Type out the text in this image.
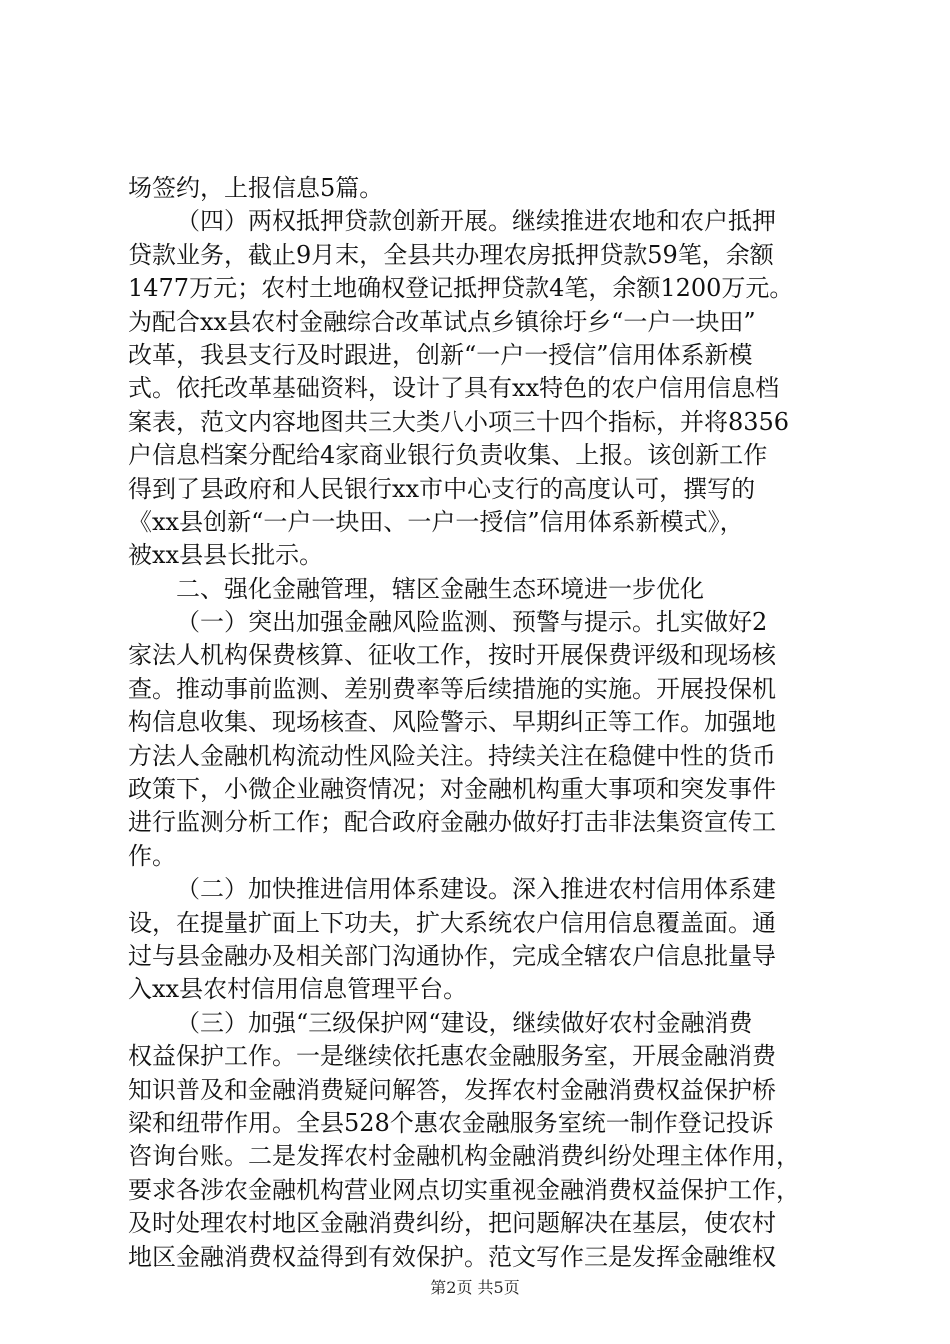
场签约，上报信息5篇。
（四）两权抵押贷款创新开展。继续推进农地和农户抵押
贷款业务，截止9月末，全县共办理农房抵押贷款59笔，余额
1477万元；农村土地确权登记抵押贷款4笔，余额1200万元。
为配合xx县农村金融综合改革试点乡镇徐圩乡“一户一块田”
改革，我县支行及时跟进，创新“一户一授信”信用体系新模
式。依托改革基础资料，设计了具有xx特色的农户信用信息档
案表，范文内容地图共三大类八小项三十四个指标，并将8356
户信息档案分配给4家商业银行负责收集、上报。该创新工作
得到了县政府和人民银行xx市中心支行的高度认可，撰写的
《xx县创新“一户一块田、一户一授信”信用体系新模式》，
被xx县县长批示。
二、强化金融管理，辖区金融生态环境进一步优化
（一）突出加强金融风险监测、预警与提示。扎实做好2
家法人机构保费核算、征收工作，按时开展保费评级和现场核
查。推动事前监测、差别费率等后续措施的实施。开展投保机
构信息收集、现场核查、风险警示、早期纠正等工作。加强地
方法人金融机构流动性风险关注。持续关注在稳健中性的货币
政策下，小微企业融资情况；对金融机构重大事项和突发事件
进行监测分析工作；配合政府金融办做好打击非法集资宣传工
作。
（二）加快推进信用体系建设。深入推进农村信用体系建
设，在提量扩面上下功夫，扩大系统农户信用信息覆盖面。通
过与县金融办及相关部门沟通协作，完成全辖农户信息批量导
入xx县农村信用信息管理平台。
（三）加强“三级保护网“建设，继续做好农村金融消费
权益保护工作。一是继续依托惠农金融服务室，开展金融消费
知识普及和金融消费疑问解答，发挥农村金融消费权益保护桥
梁和纽带作用。全县528个惠农金融服务室统一制作登记投诉
咨询台账。二是发挥农村金融机构金融消费纠纷处理主体作用，
要求各涉农金融机构营业网点切实重视金融消费权益保护工作，
及时处理农村地区金融消费纠纷，把问题解决在基层，使农村
地区金融消费权益得到有效保护。范文写作三是发挥金融维权
第2页 共5页
